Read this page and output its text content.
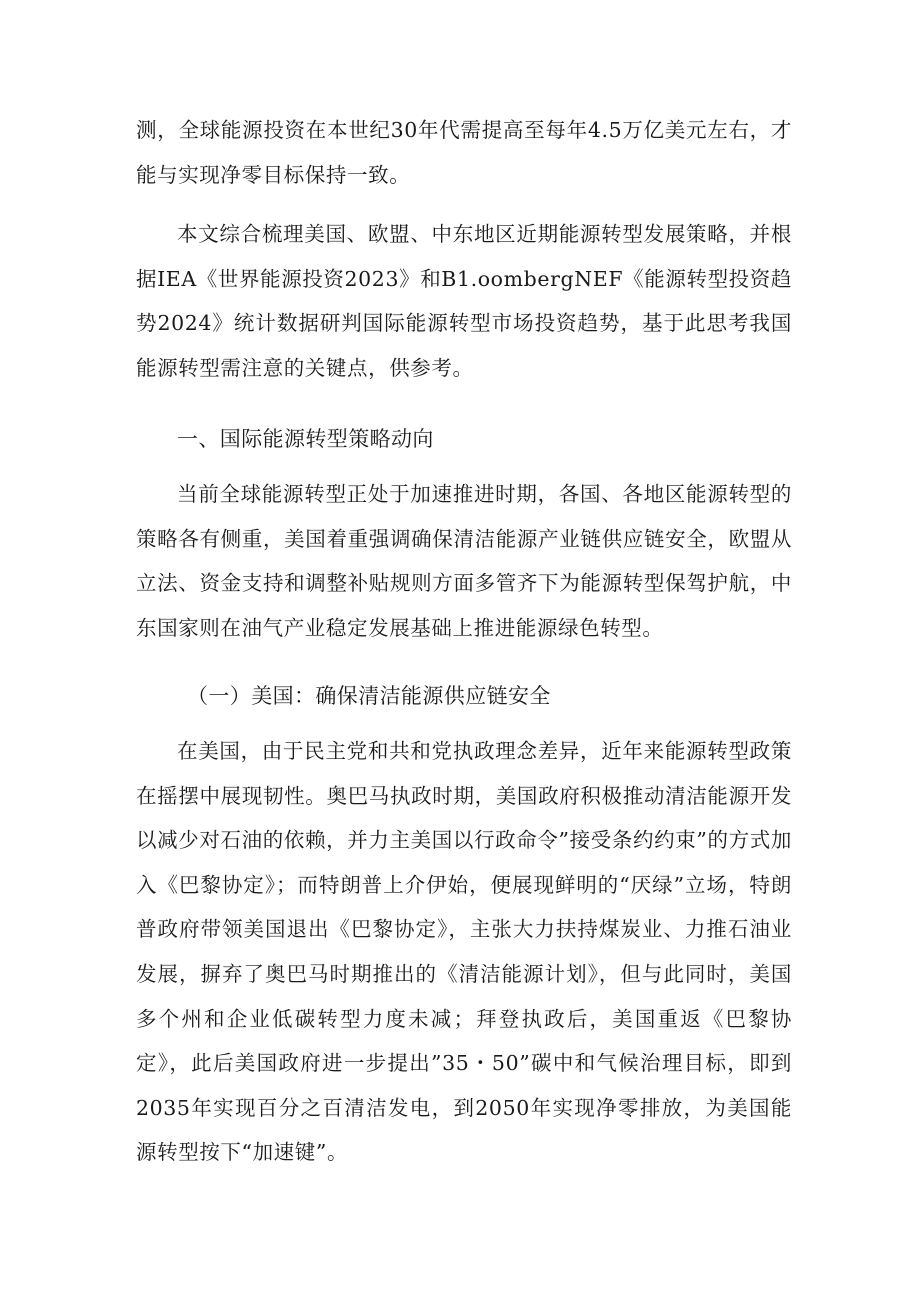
测，全球能源投资在本世纪30年代需提高至每年4.5万亿美元左右，才能与实现净零目标保持一致。

本文综合梳理美国、欧盟、中东地区近期能源转型发展策略，并根据IEA《世界能源投资2023》和B1.oombergNEF《能源转型投资趋势2024》统计数据研判国际能源转型市场投资趋势，基于此思考我国能源转型需注意的关键点，供参考。

一、国际能源转型策略动向

当前全球能源转型正处于加速推进时期，各国、各地区能源转型的策略各有侧重，美国着重强调确保清洁能源产业链供应链安全，欧盟从立法、资金支持和调整补贴规则方面多管齐下为能源转型保驾护航，中东国家则在油气产业稳定发展基础上推进能源绿色转型。

（一）美国：确保清洁能源供应链安全

在美国，由于民主党和共和党执政理念差异，近年来能源转型政策在摇摆中展现韧性。奥巴马执政时期，美国政府积极推动清洁能源开发以减少对石油的依赖，并力主美国以行政命令”接受条约约束”的方式加入《巴黎协定》；而特朗普上介伊始，便展现鲜明的“厌绿”立场，特朗普政府带领美国退出《巴黎协定》，主张大力扶持煤炭业、力推石油业发展，摒弃了奥巴马时期推出的《清洁能源计划》，但与此同时，美国多个州和企业低碳转型力度未减；拜登执政后，美国重返《巴黎协定》，此后美国政府进一步提出”35・50”碳中和气候治理目标，即到2035年实现百分之百清洁发电，到2050年实现净零排放，为美国能源转型按下“加速键”。
